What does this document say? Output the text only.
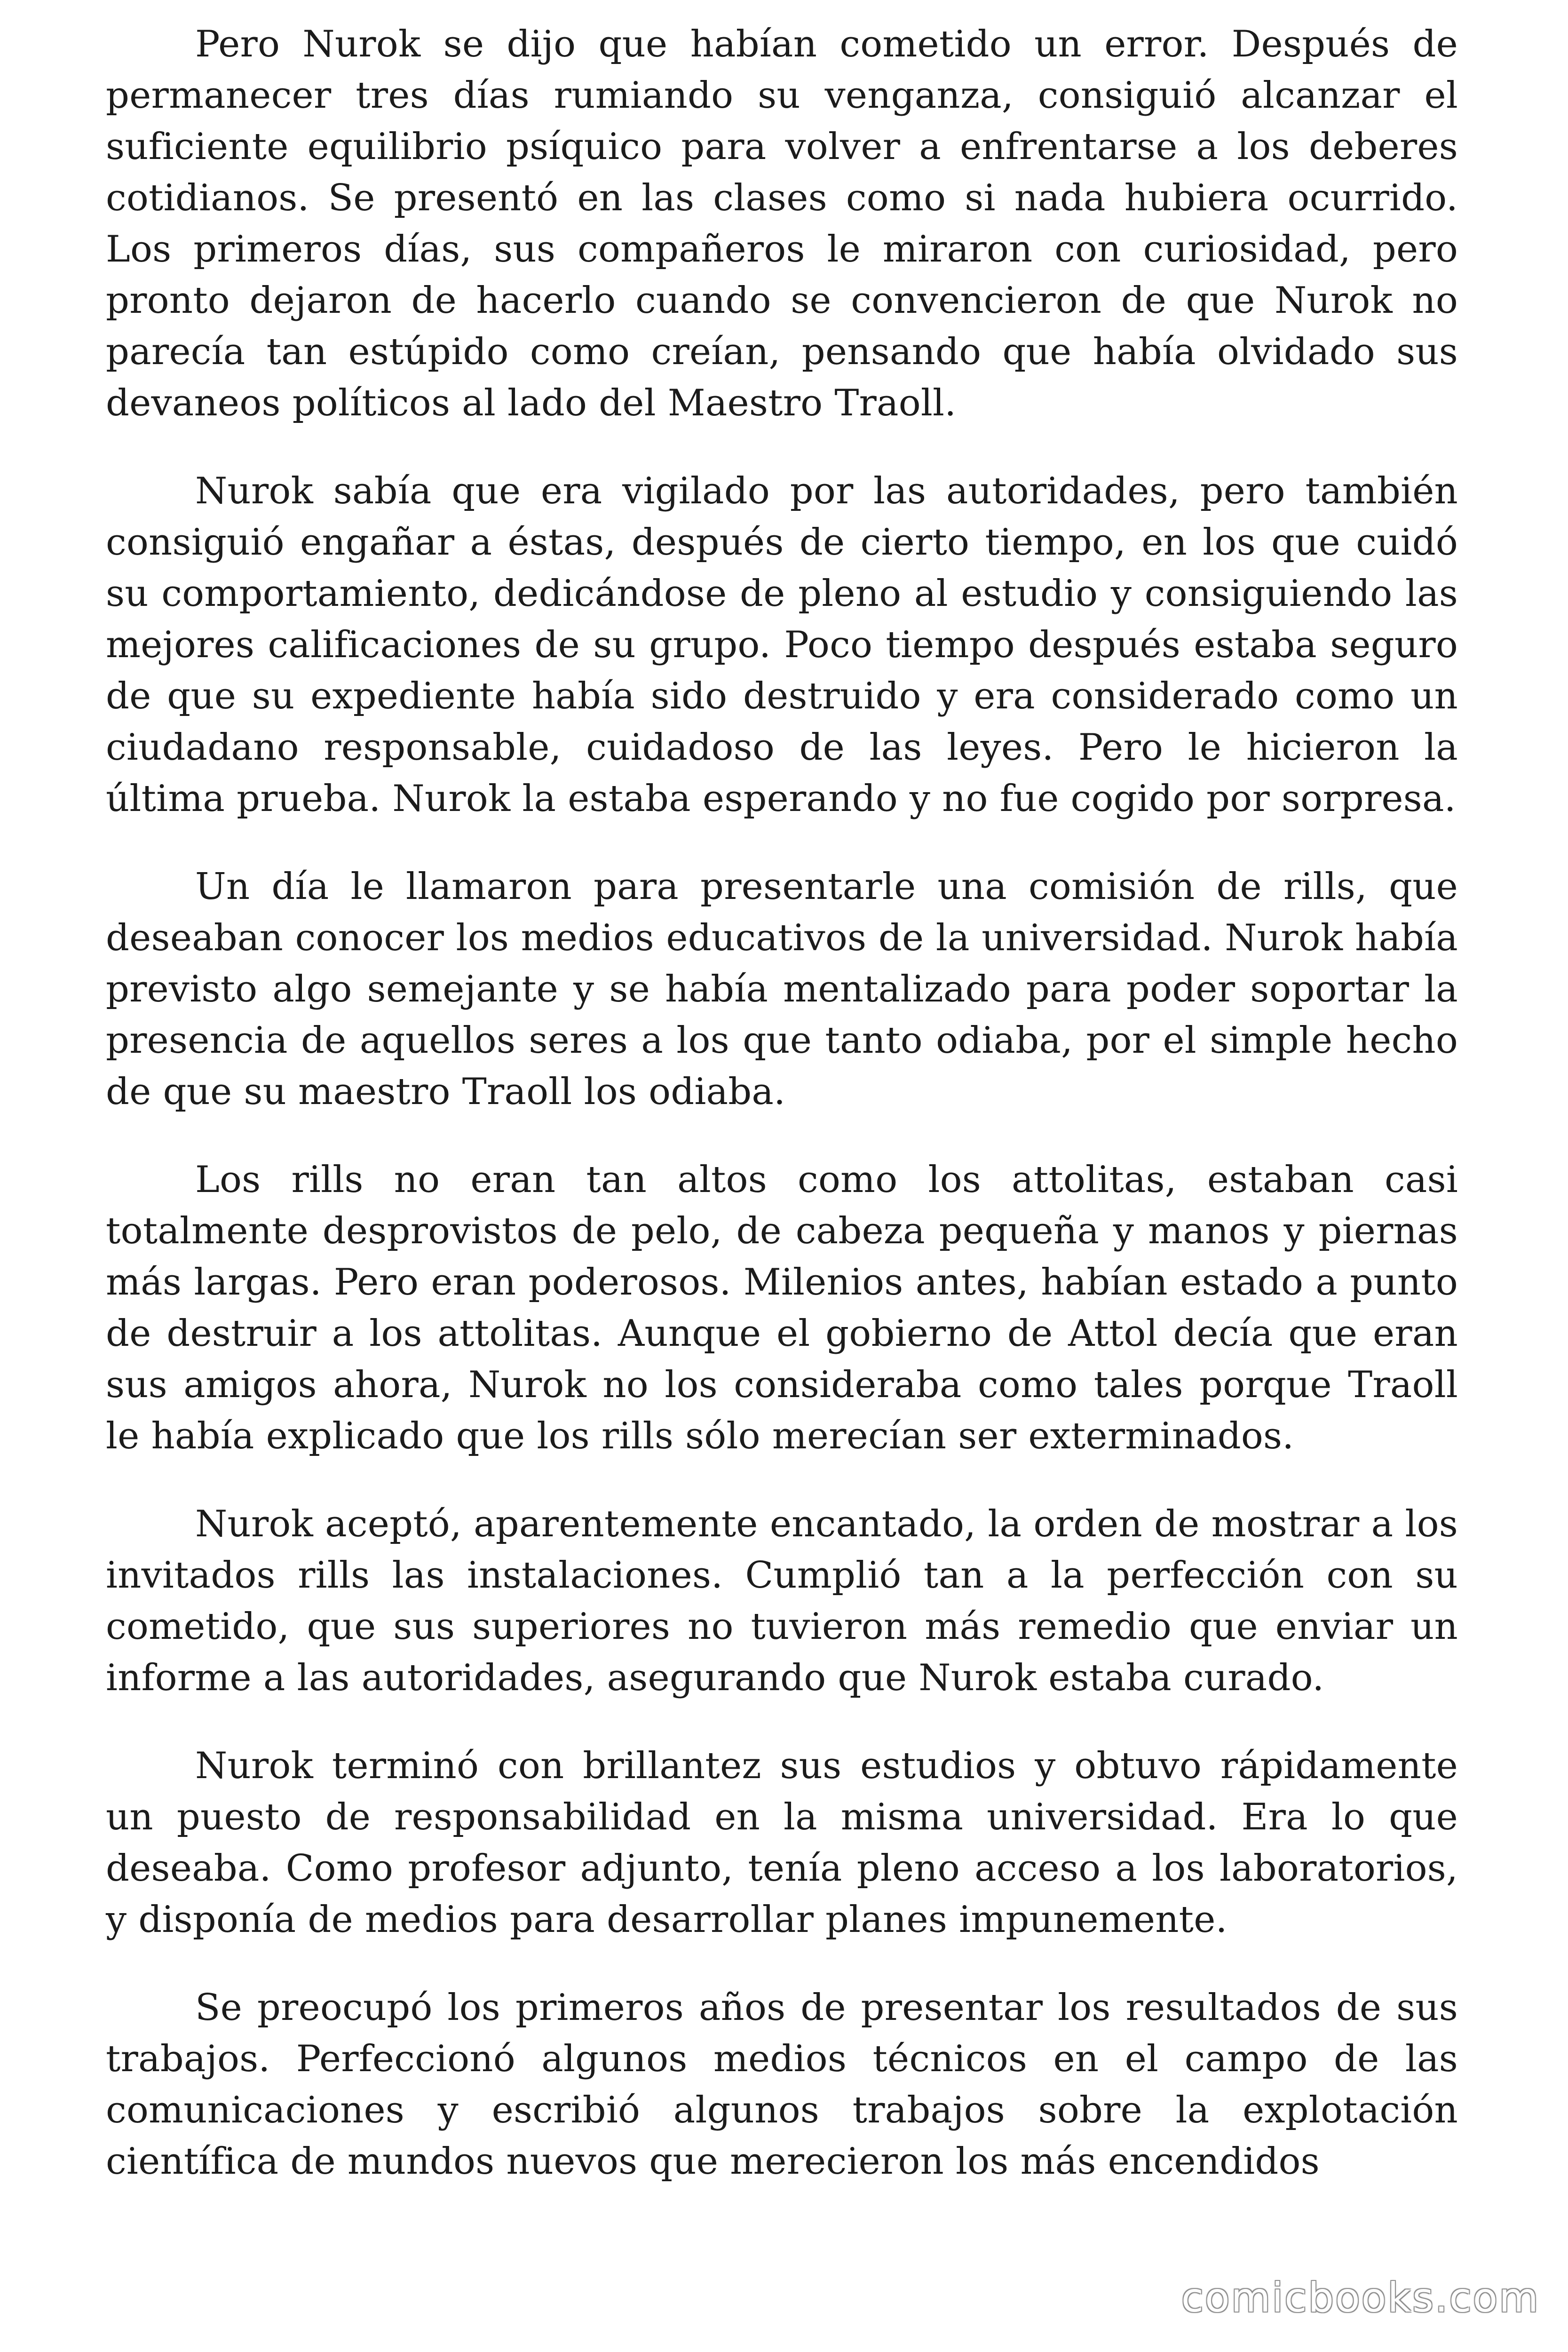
Pero Nurok se dijo que habían cometido un error. Después de permanecer tres días rumiando su venganza, consiguió alcanzar el suficiente equilibrio psíquico para volver a enfrentarse a los deberes cotidianos. Se presentó en las clases como si nada hubiera ocurrido. Los primeros días, sus compañeros le miraron con curiosidad, pero pronto dejaron de hacerlo cuando se convencieron de que Nurok no parecía tan estúpido como creían, pensando que había olvidado sus devaneos políticos al lado del Maestro Traoll.

Nurok sabía que era vigilado por las autoridades, pero también consiguió engañar a éstas, después de cierto tiempo, en los que cuidó su comportamiento, dedicándose de pleno al estudio y consiguiendo las mejores calificaciones de su grupo. Poco tiempo después estaba seguro de que su expediente había sido destruido y era considerado como un ciudadano responsable, cuidadoso de las leyes. Pero le hicieron la última prueba. Nurok la estaba esperando y no fue cogido por sorpresa.

Un día le llamaron para presentarle una comisión de rills, que deseaban conocer los medios educativos de la universidad. Nurok había previsto algo semejante y se había mentalizado para poder soportar la presencia de aquellos seres a los que tanto odiaba, por el simple hecho de que su maestro Traoll los odiaba.

Los rills no eran tan altos como los attolitas, estaban casi totalmente desprovistos de pelo, de cabeza pequeña y manos y piernas más largas. Pero eran poderosos. Milenios antes, habían estado a punto de destruir a los attolitas. Aunque el gobierno de Attol decía que eran sus amigos ahora, Nurok no los consideraba como tales porque Traoll le había explicado que los rills sólo merecían ser exterminados.

Nurok aceptó, aparentemente encantado, la orden de mostrar a los invitados rills las instalaciones. Cumplió tan a la perfección con su cometido, que sus superiores no tuvieron más remedio que enviar un informe a las autoridades, asegurando que Nurok estaba curado.

Nurok terminó con brillantez sus estudios y obtuvo rápidamente un puesto de responsabilidad en la misma universidad. Era lo que deseaba. Como profesor adjunto, tenía pleno acceso a los laboratorios, y disponía de medios para desarrollar planes impunemente.

Se preocupó los primeros años de presentar los resultados de sus trabajos. Perfeccionó algunos medios técnicos en el campo de las comunicaciones y escribió algunos trabajos sobre la explotación científica de mundos nuevos que merecieron los más encendidos

comicbooks.com
